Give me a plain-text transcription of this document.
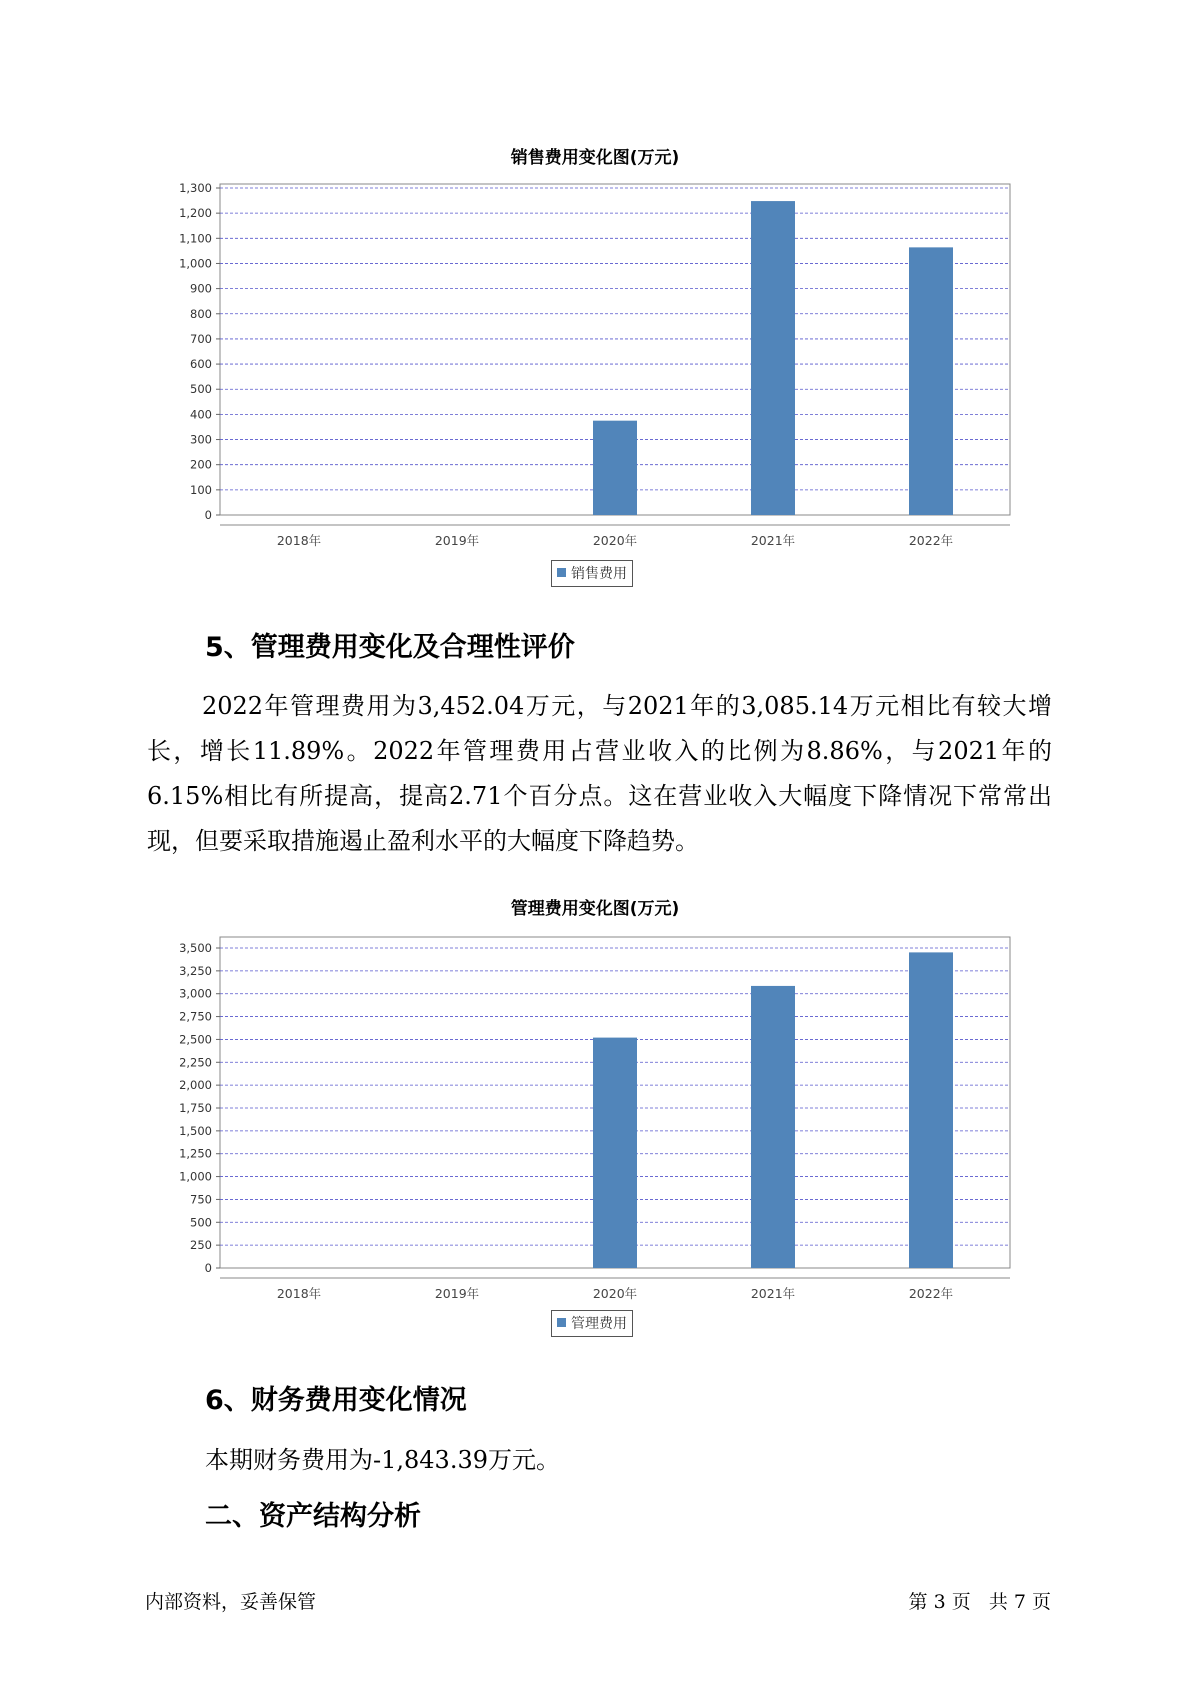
销售费用变化图(万元)
0
100
200
300
400
500
600
700
800
900
1,000
1,100
1,200
1,300
2018年	2019年	2020年	2021年	2022年
销售费用
5、管理费用变化及合理性评价

2022年管理费用为3,452.04万元，与2021年的3,085.14万元相比有较大增长，增长11.89%。2022年管理费用占营业收入的比例为8.86%，与2021年的6.15%相比有所提高，提高2.71个百分点。这在营业收入大幅度下降情况下常常出现，但要采取措施遏止盈利水平的大幅度下降趋势。

管理费用变化图(万元)
0
250
500
750
1,000
1,250
1,500
1,750
2,000
2,250
2,500
2,750
3,000
3,250
3,500
2018年	2019年	2020年	2021年	2022年
管理费用
6、财务费用变化情况
本期财务费用为-1,843.39万元。
二、资产结构分析
内部资料，妥善保管	第 3 页   共 7 页
